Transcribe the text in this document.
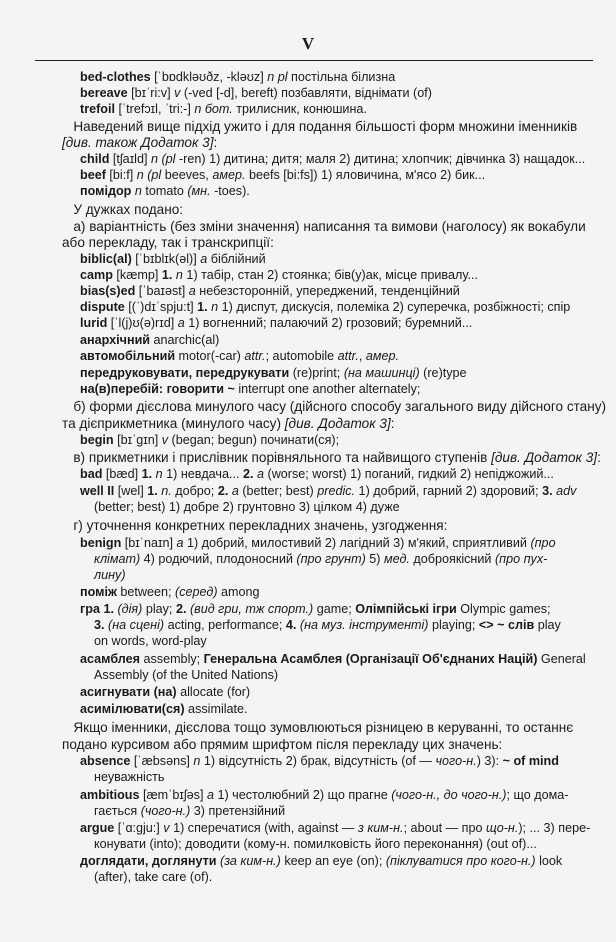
V
bed-clothes [ˈbɒdkləʊðz, -kləʊz] n pl постільна білизна
bereave [bɪˈri:v] v (-ved [-d], bereft) позбавляти, віднімати (of)
trefoil [ˈtrefɔɪl, ˈtri:-] n бот. трилисник, конюшина.
Наведений вище підхід ужито і для подання більшості форм множини іменників
[див. також Додаток 3]:
child [tʃaɪld] n (pl -ren) 1) дитина; дитя; маля 2) дитина; хлопчик; дівчинка 3) нащадок...
beef [bi:f] n (pl beeves, амер. beefs [bi:fs]) 1) яловичина, м'ясо 2) бик...
помідор n tomato (мн. -toes).
У дужках подано:
а) варіантність (без зміни значення) написання та вимови (наголосу) як вокабули
або перекладу, так і транскрипції:
biblic(al) [ˈbɪblɪk(əl)] a біблійний
camp [kæmp] 1. n 1) табір, стан 2) стоянка; бів(у)ак, місце привалу...
bias(s)ed [ˈbaɪəst] a небезсторонній, упереджений, тенденційний
dispute [(ˈ)dɪˈspju:t] 1. n 1) диспут, дискусія, полеміка 2) суперечка, розбіжності; спір
lurid [ˈl(j)ʊ(ə)rɪd] a 1) вогненний; палаючий 2) грозовий; буремний...
анархічний anarchic(al)
автомобільний motor(-car) attr.; automobile attr., амер.
передруковувати, передрукувати (re)print; (на машинці) (re)type
на(в)перебій: говорити ~ interrupt one another alternately;
б) форми дієслова минулого часу (дійсного способу загального виду дійсного стану)
та дієприкметника (минулого часу) [див. Додаток 3]:
begin [bɪˈgɪn] v (began; begun) починати(ся);
в) прикметники і прислівник порівняльного та найвищого ступенів [див. Додаток 3]:
bad [bæd] 1. n 1) невдача... 2. a (worse; worst) 1) поганий, гидкий 2) непіджожий...
well II [wel] 1. n. добро; 2. a (better; best) predic. 1) добрий, гарний 2) здоровий; 3. adv
(better; best) 1) добре 2) грунтовно 3) цілком 4) дуже
г) уточнення конкретних перекладних значень, узгодження:
benign [bɪˈnaɪn] a 1) добрий, милостивий 2) лагідний 3) м'який, сприятливий (про
клімат) 4) родючий, плодоносний (про грунт) 5) мед. доброякісний (про пух-
лину)
поміж between; (серед) among
гра 1. (дія) play; 2. (вид гри, тж спорт.) game; Олімпійські ігри Olympic games;
3. (на сцені) acting, performance; 4. (на муз. інструменті) playing; <> ~ слів play
on words, word-play
асамблея assembly; Генеральна Асамблея (Організації Об'єднаних Націй) General
Assembly (of the United Nations)
асигнувати (на) allocate (for)
асимілювати(ся) assimilate.
Якщо іменники, дієслова тощо зумовлюються різницею в керуванні, то останнє
подано курсивом або прямим шрифтом після перекладу цих значень:
absence [ˈæbsəns] n 1) відсутність 2) брак, відсутність (of — чого-н.) 3): ~ of mind
неуважність
ambitious [æmˈbɪʃəs] a 1) честолюбний 2) що прагне (чого-н., до чого-н.); що дома-
гається (чого-н.) 3) претензійний
argue [ˈɑ:gju:] v 1) сперечатися (with, against — з ким-н.; about — про що-н.); ... 3) пере-
конувати (into); доводити (кому-н. помилковість його переконання) (out of)...
доглядати, доглянути (за ким-н.) keep an eye (on); (піклуватися про кого-н.) look
(after), take care (of).
